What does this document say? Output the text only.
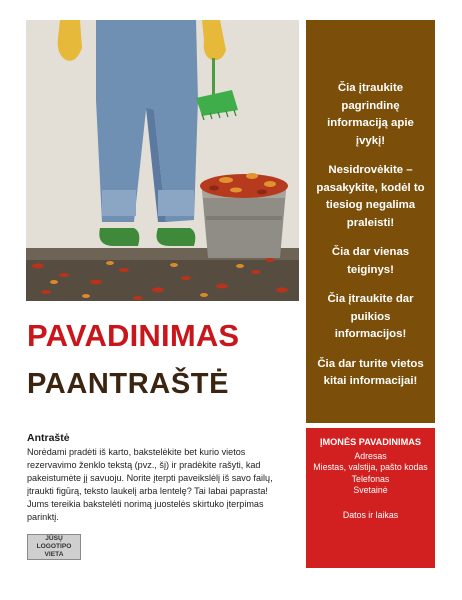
Čia įtraukite pagrindinę informaciją apie įvykį!

Nesidrovėkite – pasakykite, kodėl to tiesiog negalima praleisti!

Čia dar vienas teiginys!

Čia įtraukite dar puikios informacijos!

Čia dar turite vietos kitai informacijai!

PAVADINIMAS
PAANTRAŠTĖ
Antraštė

Norėdami pradėti iš karto, bakstelėkite bet kurio vietos rezervavimo ženklo tekstą (pvz., šį) ir pradėkite rašyti, kad pakeistumėte jį savuoju. Norite įterpti paveikslėlį iš savo failų, įtraukti figūrą, teksto laukelį arba lentelę? Tai labai paprasta! Jums tereikia bakstelėti norimą juostelės skirtuko įterpimas parinktį.

JŪSŲ LOGOTIPO VIETA
ĮMONĖS PAVADINIMAS
Adresas
Miestas, valstija, pašto kodas
Telefonas
Svetainė
Datos ir laikas
